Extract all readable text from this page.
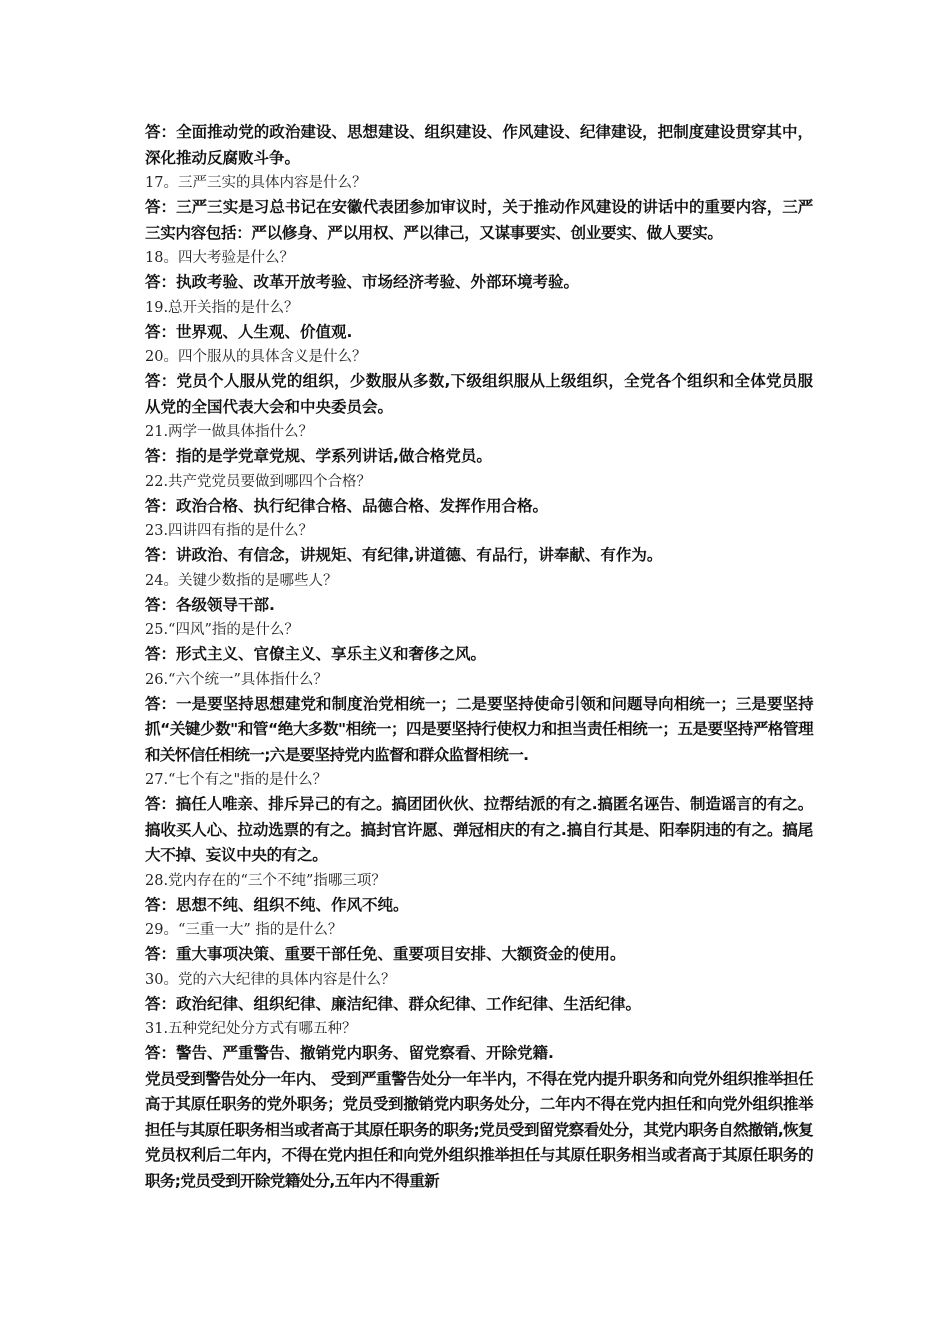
答：全面推动党的政治建设、思想建设、组织建设、作风建设、纪律建设，把制度建设贯穿其中，深化推动反腐败斗争。

17。三严三实的具体内容是什么？

答：三严三实是习总书记在安徽代表团参加审议时，关于推动作风建设的讲话中的重要内容，三严三实内容包括：严以修身、严以用权、严以律己，又谋事要实、创业要实、做人要实。

18。四大考验是什么？

答：执政考验、改革开放考验、市场经济考验、外部环境考验。

19.总开关指的是什么？

答：世界观、人生观、价值观.

20。四个服从的具体含义是什么？

答：党员个人服从党的组织，少数服从多数,下级组织服从上级组织，全党各个组织和全体党员服从党的全国代表大会和中央委员会。

21.两学一做具体指什么？

答：指的是学党章党规、学系列讲话,做合格党员。

22.共产党党员要做到哪四个合格？

答：政治合格、执行纪律合格、品德合格、发挥作用合格。

23.四讲四有指的是什么？

答：讲政治、有信念，讲规矩、有纪律,讲道德、有品行，讲奉献、有作为。

24。关键少数指的是哪些人？

答：各级领导干部.

25.“四风”指的是什么？

答：形式主义、官僚主义、享乐主义和奢侈之风。

26.“六个统一”具体指什么？

答：一是要坚持思想建党和制度治党相统一；二是要坚持使命引领和问题导向相统一；三是要坚持抓“关键少数"和管“绝大多数"相统一；四是要坚持行使权力和担当责任相统一；五是要坚持严格管理和关怀信任相统一;六是要坚持党内监督和群众监督相统一.

27.“七个有之"指的是什么？

答：搞任人唯亲、排斥异己的有之。搞团团伙伙、拉帮结派的有之.搞匿名诬告、制造谣言的有之。搞收买人心、拉动选票的有之。搞封官许愿、弹冠相庆的有之.搞自行其是、阳奉阴违的有之。搞尾大不掉、妄议中央的有之。

28.党内存在的“三个不纯”指哪三项？

答：思想不纯、组织不纯、作风不纯。

29。“三重一大” 指的是什么？

答：重大事项决策、重要干部任免、重要项目安排、大额资金的使用。

30。党的六大纪律的具体内容是什么？

答：政治纪律、组织纪律、廉洁纪律、群众纪律、工作纪律、生活纪律。

31.五种党纪处分方式有哪五种？

答：警告、严重警告、撤销党内职务、留党察看、开除党籍.

党员受到警告处分一年内、 受到严重警告处分一年半内，不得在党内提升职务和向党外组织推举担任高于其原任职务的党外职务；党员受到撤销党内职务处分，二年内不得在党内担任和向党外组织推举担任与其原任职务相当或者高于其原任职务的职务;党员受到留党察看处分，其党内职务自然撤销,恢复党员权利后二年内，不得在党内担任和向党外组织推举担任与其原任职务相当或者高于其原任职务的职务;党员受到开除党籍处分,五年内不得重新
